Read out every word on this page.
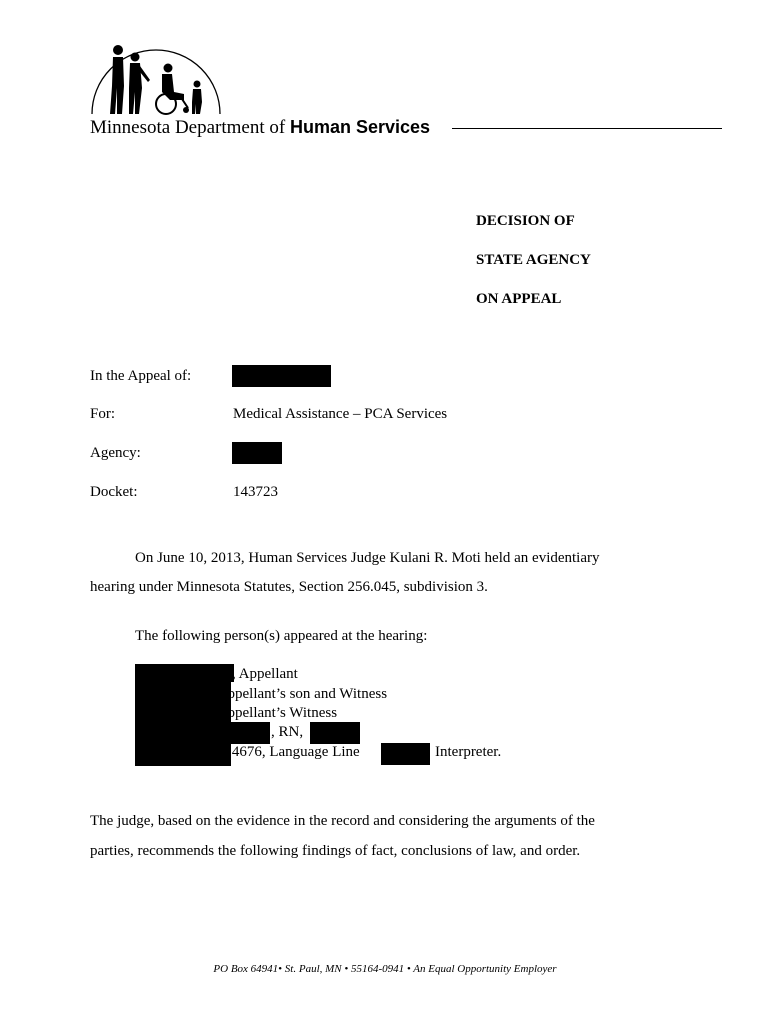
Minnesota Department of Human Services
DECISION OF
STATE AGENCY
ON APPEAL
In the Appeal of:
For:	Medical Assistance – PCA Services
Agency:
Docket:	143723
On June 10, 2013, Human Services Judge Kulani R. Moti held an evidentiary
hearing under Minnesota Statutes, Section 256.045, subdivision 3.
The following person(s) appeared at the hearing:
, Appellant
, Appellant’s son and Witness
, Appellant’s Witness
, RN,
ID # 4676, Language Line	Interpreter.
The judge, based on the evidence in the record and considering the arguments of the
parties, recommends the following findings of fact, conclusions of law, and order.
PO Box 64941• St. Paul, MN • 55164-0941 • An Equal Opportunity Employer
